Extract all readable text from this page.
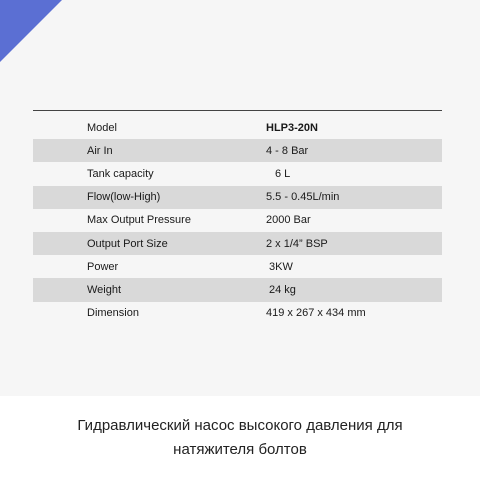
Model	HLP3-20N
Air In	4 - 8 Bar
Tank capacity	6 L
Flow(low-High)	5.5 - 0.45L/min
Max Output Pressure	2000 Bar
Output Port Size	2 x 1/4” BSP
Power	3KW
Weight	24 kg
Dimension	419 x 267 x 434 mm
Гидравлический насос высокого давления для
натяжителя болтов
